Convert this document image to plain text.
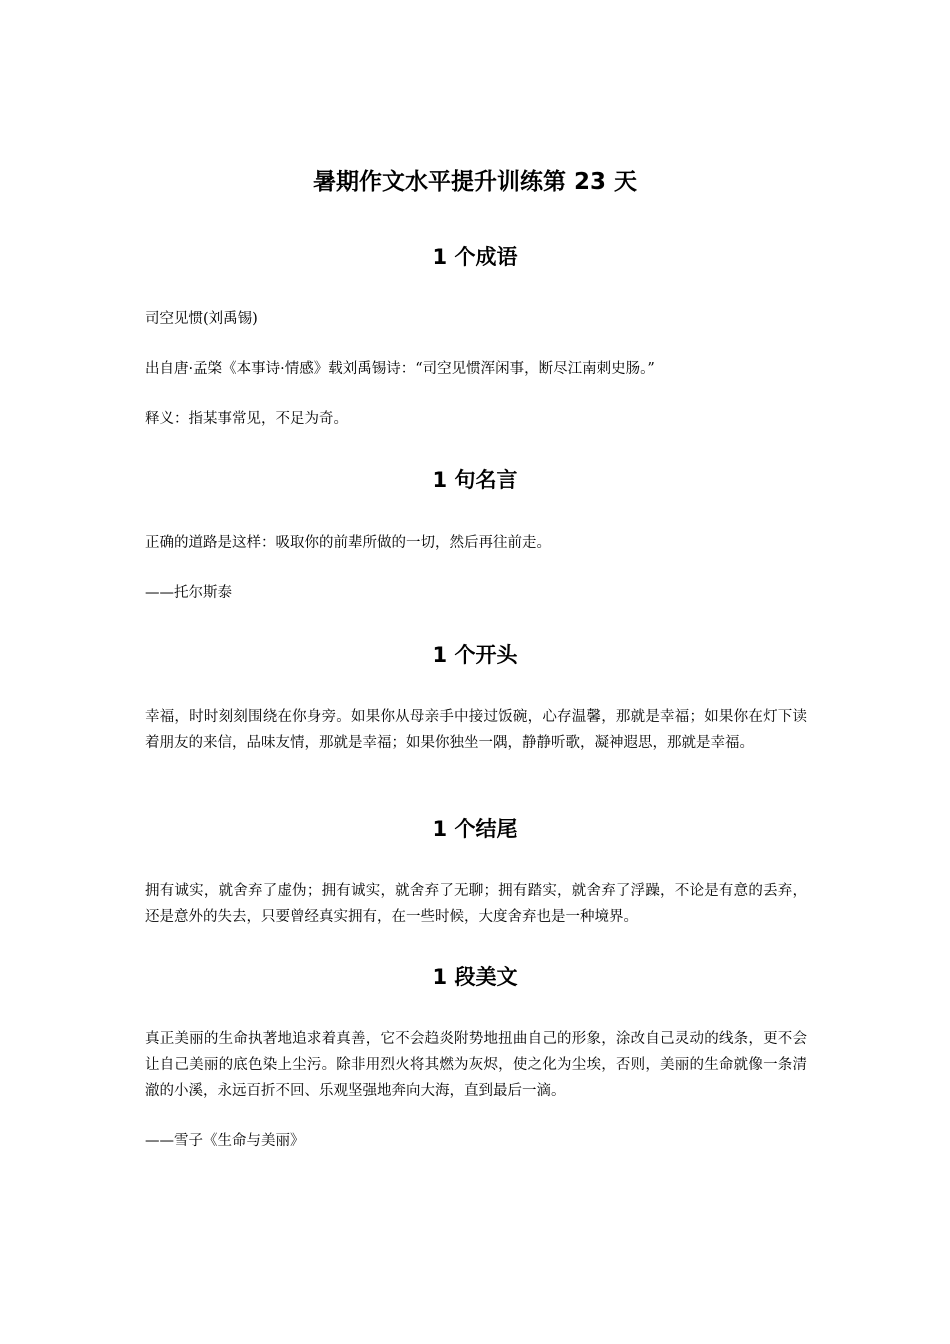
暑期作文水平提升训练第 23 天
1 个成语

司空见惯(刘禹锡)

出自唐·孟棨《本事诗·情感》载刘禹锡诗：“司空见惯浑闲事，断尽江南刺史肠。”

释义：指某事常见，不足为奇。

1 句名言

正确的道路是这样：吸取你的前辈所做的一切，然后再往前走。

——托尔斯泰

1 个开头

幸福，时时刻刻围绕在你身旁。如果你从母亲手中接过饭碗，心存温馨，那就是幸福；如果你在灯下读着朋友的来信，品味友情，那就是幸福；如果你独坐一隅，静静听歌，凝神遐思，那就是幸福。

1 个结尾

拥有诚实，就舍弃了虚伪；拥有诚实，就舍弃了无聊；拥有踏实，就舍弃了浮躁，不论是有意的丢弃，还是意外的失去，只要曾经真实拥有，在一些时候，大度舍弃也是一种境界。

1 段美文

真正美丽的生命执著地追求着真善，它不会趋炎附势地扭曲自己的形象，涂改自己灵动的线条，更不会让自己美丽的底色染上尘污。除非用烈火将其燃为灰烬，使之化为尘埃，否则，美丽的生命就像一条清澈的小溪，永远百折不回、乐观坚强地奔向大海，直到最后一滴。

——雪子《生命与美丽》
